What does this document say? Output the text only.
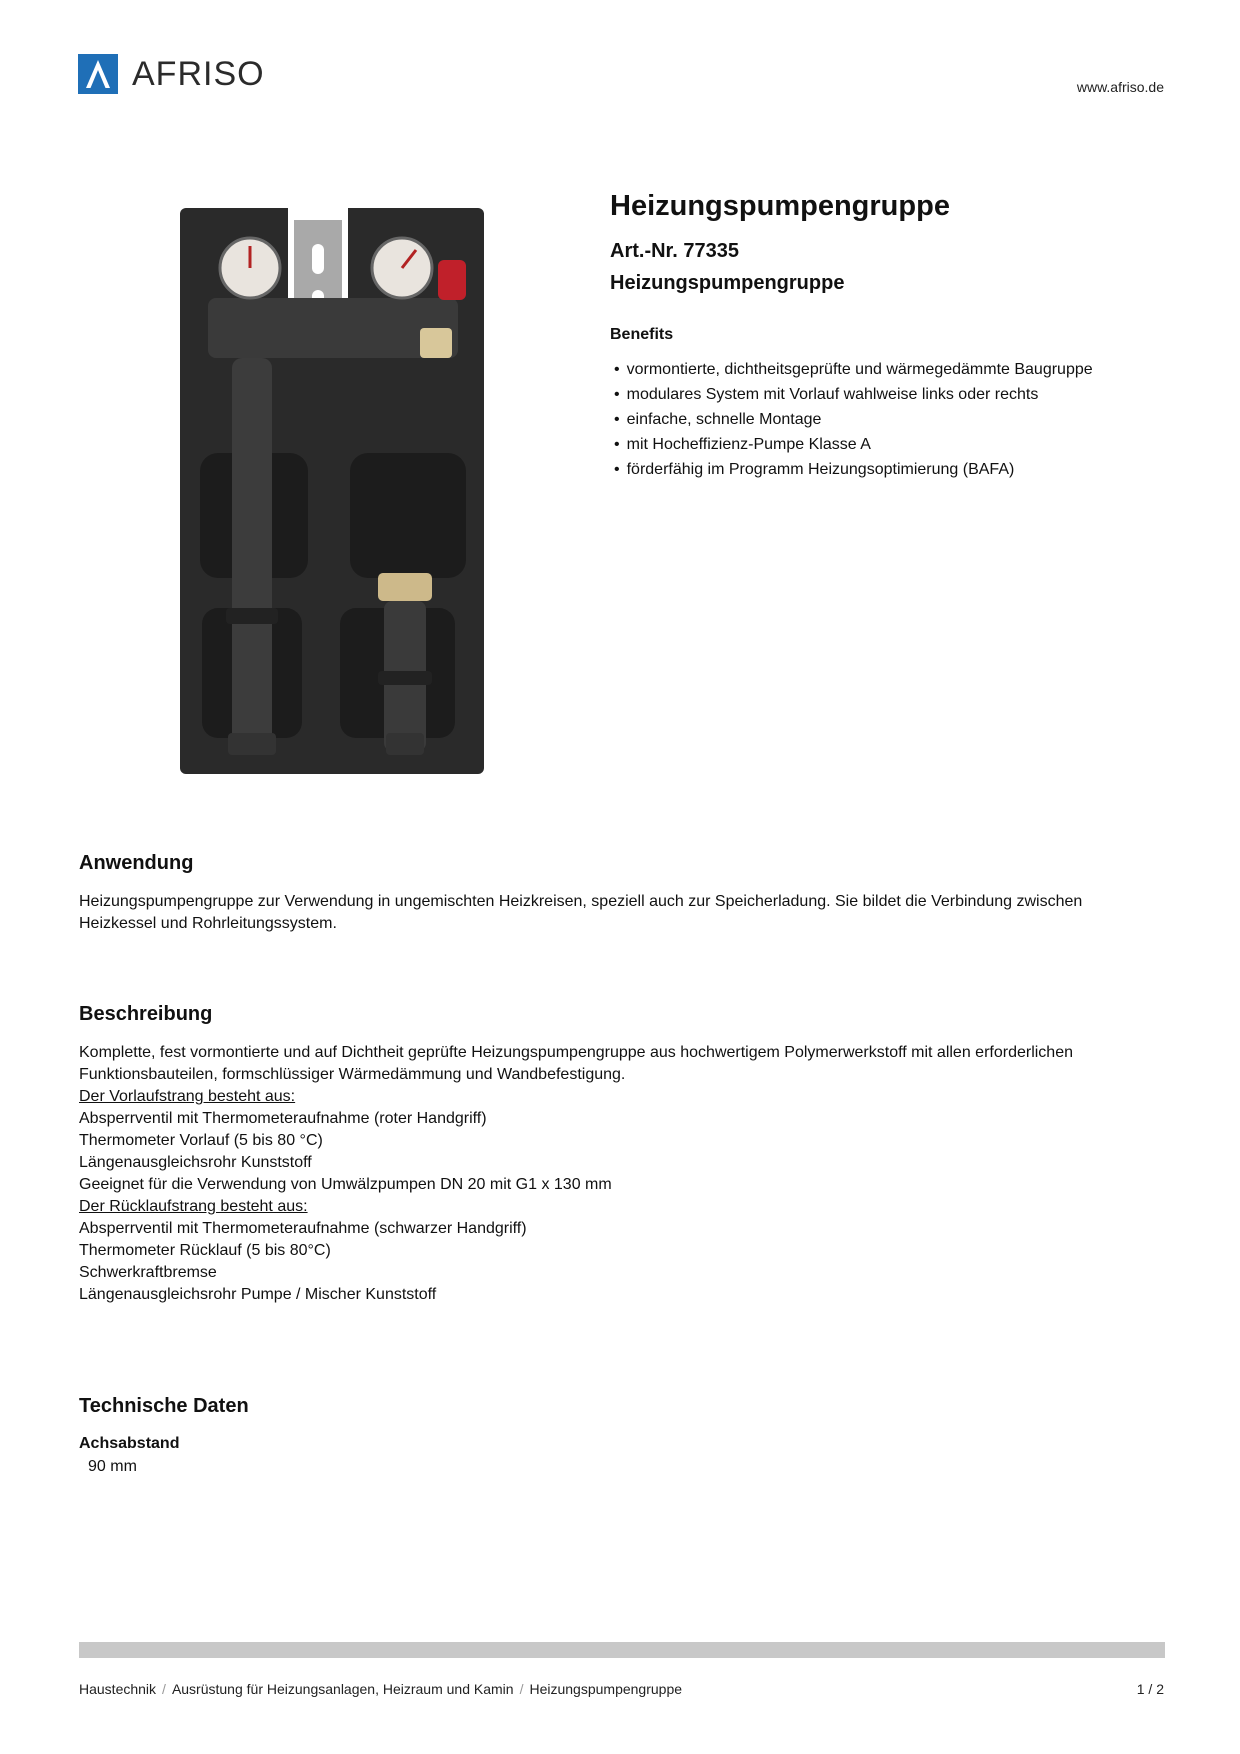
AFRISO	www.afriso.de
Heizungspumpengruppe
Art.-Nr. 77335
Heizungspumpengruppe
Benefits
• vormontierte, dichtheitsgeprüfte und wärmegedämmte Baugruppe
• modulares System mit Vorlauf wahlweise links oder rechts
• einfache, schnelle Montage
• mit Hocheffizienz-Pumpe Klasse A
• förderfähig im Programm Heizungsoptimierung (BAFA)
Anwendung

Heizungspumpengruppe zur Verwendung in ungemischten Heizkreisen, speziell auch zur Speicherladung. Sie bildet die Verbindung zwischen Heizkessel und Rohrleitungssystem.

Beschreibung
Komplette, fest vormontierte und auf Dichtheit geprüfte Heizungspumpengruppe aus hochwertigem Polymerwerkstoff mit allen erforderlichen Funktionsbauteilen, formschlüssiger Wärmedämmung und Wandbefestigung.
Der Vorlaufstrang besteht aus:
Absperrventil mit Thermometeraufnahme (roter Handgriff)
Thermometer Vorlauf (5 bis 80 °C)
Längenausgleichsrohr Kunststoff
Geeignet für die Verwendung von Umwälzpumpen DN 20 mit G1 x 130 mm
Der Rücklaufstrang besteht aus:
Absperrventil mit Thermometeraufnahme (schwarzer Handgriff)
Thermometer Rücklauf (5 bis 80°C)
Schwerkraftbremse
Längenausgleichsrohr Pumpe / Mischer Kunststoff
Technische Daten
Achsabstand
90 mm
Haustechnik / Ausrüstung für Heizungsanlagen, Heizraum und Kamin / Heizungspumpengruppe	1 / 2
